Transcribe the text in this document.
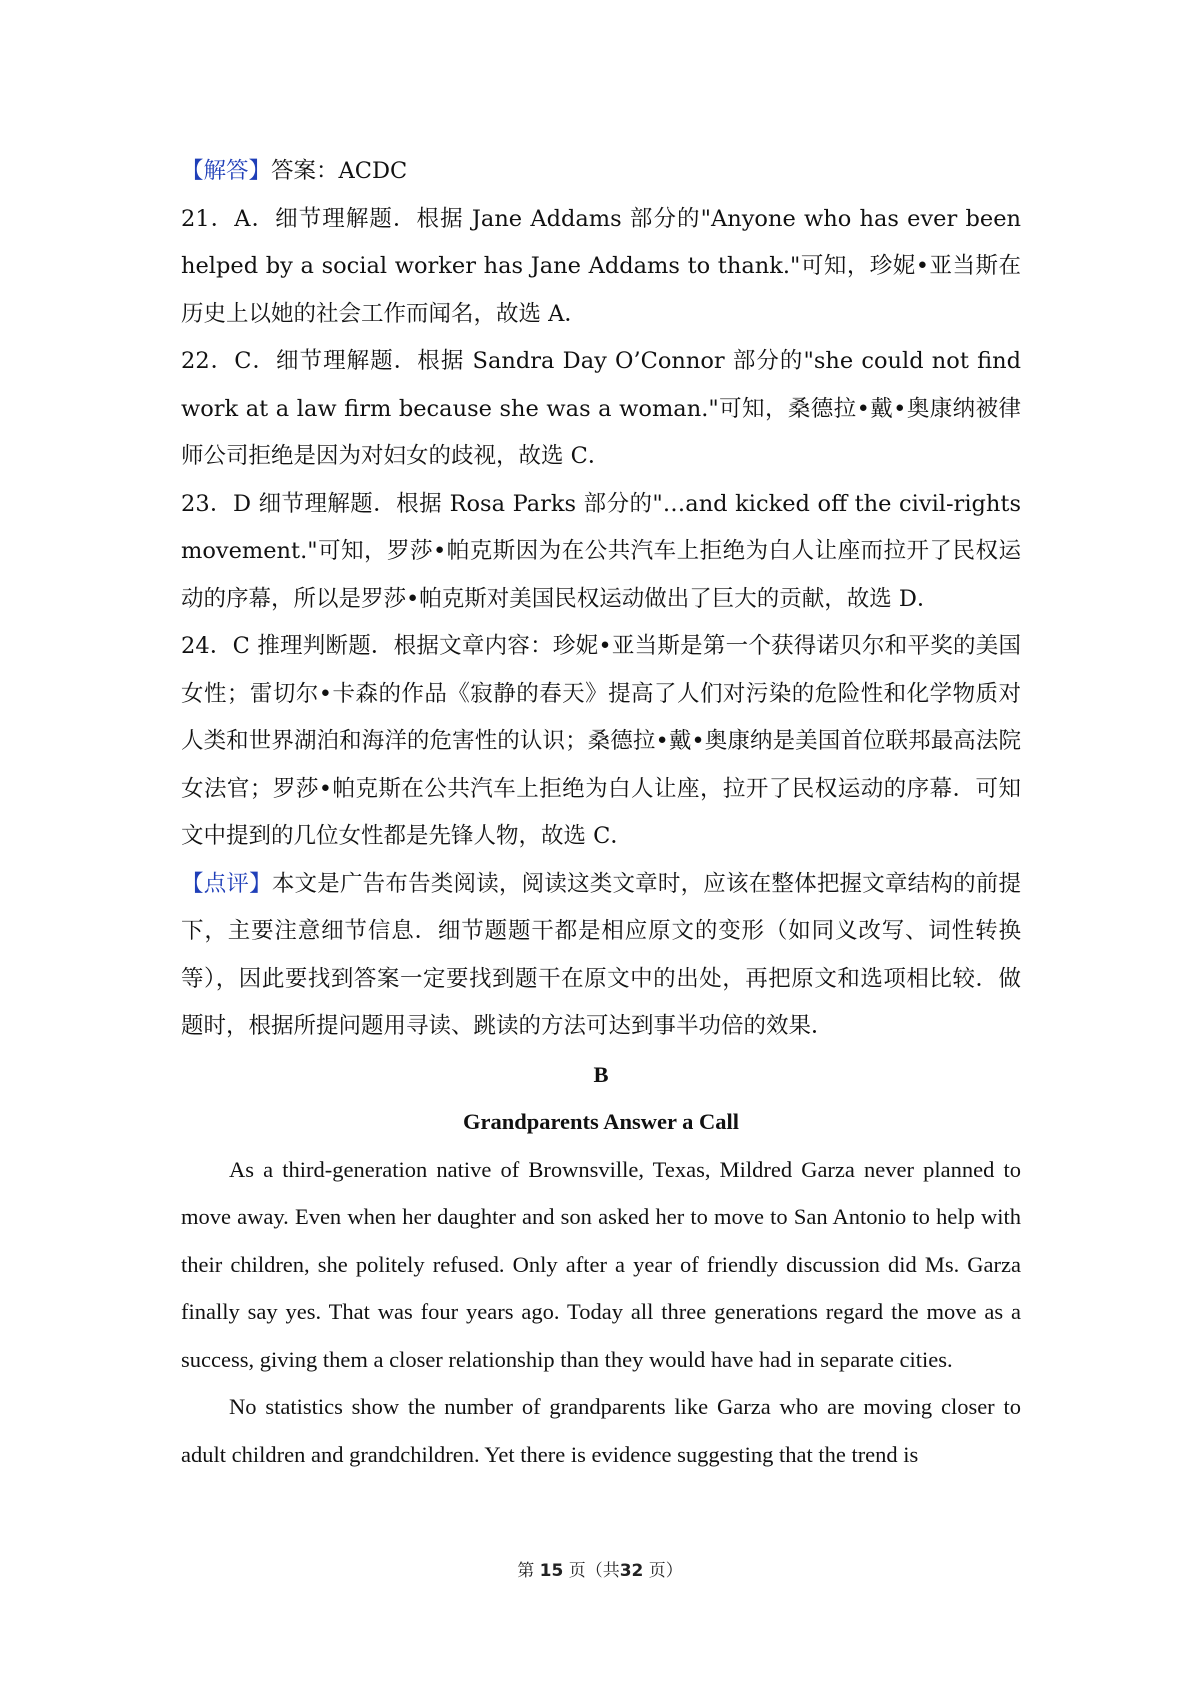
【解答】答案：ACDC

21．A．细节理解题．根据 Jane Addams 部分的"Anyone who has ever been helped by a social worker has Jane Addams to thank."可知，珍妮•亚当斯在历史上以她的社会工作而闻名，故选 A．

22．C．细节理解题．根据 Sandra Day O’Connor 部分的"she could not find work at a law firm because she was a woman."可知，桑德拉•戴•奥康纳被律师公司拒绝是因为对妇女的歧视，故选 C．

23．D 细节理解题．根据 Rosa Parks 部分的"…and kicked off the civil-rights movement."可知，罗莎•帕克斯因为在公共汽车上拒绝为白人让座而拉开了民权运动的序幕，所以是罗莎•帕克斯对美国民权运动做出了巨大的贡献，故选 D．

24．C 推理判断题．根据文章内容：珍妮•亚当斯是第一个获得诺贝尔和平奖的美国女性；雷切尔•卡森的作品《寂静的春天》提高了人们对污染的危险性和化学物质对人类和世界湖泊和海洋的危害性的认识；桑德拉•戴•奥康纳是美国首位联邦最高法院女法官；罗莎•帕克斯在公共汽车上拒绝为白人让座，拉开了民权运动的序幕．可知文中提到的几位女性都是先锋人物，故选 C．

【点评】本文是广告布告类阅读，阅读这类文章时，应该在整体把握文章结构的前提下，主要注意细节信息．细节题题干都是相应原文的变形（如同义改写、词性转换等），因此要找到答案一定要找到题干在原文中的出处，再把原文和选项相比较．做题时，根据所提问题用寻读、跳读的方法可达到事半功倍的效果．

B

Grandparents Answer a Call

As a third-generation native of Brownsville, Texas, Mildred Garza never planned to move away. Even when her daughter and son asked her to move to San Antonio to help with their children, she politely refused. Only after a year of friendly discussion did Ms. Garza finally say yes. That was four years ago. Today all three generations regard the move as a success, giving them a closer relationship than they would have had in separate cities.

No statistics show the number of grandparents like Garza who are moving closer to adult children and grandchildren. Yet there is evidence suggesting that the trend is

第 15 页（共32 页）
